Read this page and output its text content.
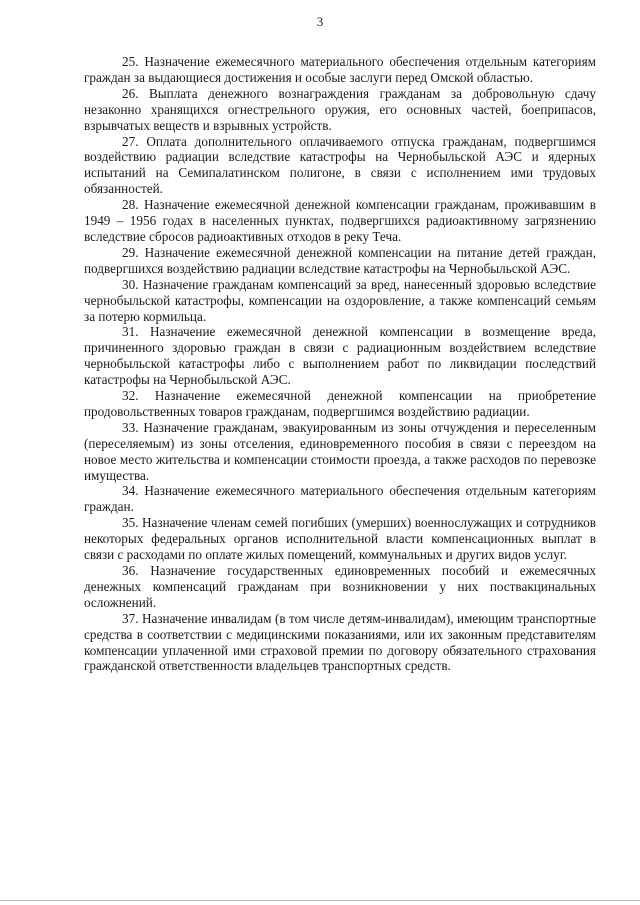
3

25. Назначение ежемесячного материального обеспечения отдельным категориям граждан за выдающиеся достижения и особые заслуги перед Омской областью.

26. Выплата денежного вознаграждения гражданам за добровольную сдачу незаконно хранящихся огнестрельного оружия, его основных частей, боеприпасов, взрывчатых веществ и взрывных устройств.

27. Оплата дополнительного оплачиваемого отпуска гражданам, подвергшимся воздействию радиации вследствие катастрофы на Чернобыльской АЭС и ядерных испытаний на Семипалатинском полигоне, в связи с исполнением ими трудовых обязанностей.

28. Назначение ежемесячной денежной компенсации гражданам, проживавшим в 1949 – 1956 годах в населенных пунктах, подвергшихся радиоактивному загрязнению вследствие сбросов радиоактивных отходов в реку Теча.

29. Назначение ежемесячной денежной компенсации на питание детей граждан, подвергшихся воздействию радиации вследствие катастрофы на Чернобыльской АЭС.

30. Назначение гражданам компенсаций за вред, нанесенный здоровью вследствие чернобыльской катастрофы, компенсации на оздоровление, а также компенсаций семьям за потерю кормильца.

31. Назначение ежемесячной денежной компенсации в возмещение вреда, причиненного здоровью граждан в связи с радиационным воздействием вследствие чернобыльской катастрофы либо с выполнением работ по ликвидации последствий катастрофы на Чернобыльской АЭС.

32. Назначение ежемесячной денежной компенсации на приобретение продовольственных товаров гражданам, подвергшимся воздействию радиации.

33. Назначение гражданам, эвакуированным из зоны отчуждения и переселенным (переселяемым) из зоны отселения, единовременного пособия в связи с переездом на новое место жительства и компенсации стоимости проезда, а также расходов по перевозке имущества.

34. Назначение ежемесячного материального обеспечения отдельным категориям граждан.

35. Назначение членам семей погибших (умерших) военнослужащих и сотрудников некоторых федеральных органов исполнительной власти компенсационных выплат в связи с расходами по оплате жилых помещений, коммунальных и других видов услуг.

36. Назначение государственных единовременных пособий и ежемесячных денежных компенсаций гражданам при возникновении у них поствакцинальных осложнений.

37. Назначение инвалидам (в том числе детям-инвалидам), имеющим транспортные средства в соответствии с медицинскими показаниями, или их законным представителям компенсации уплаченной ими страховой премии по договору обязательного страхования гражданской ответственности владельцев транспортных средств.
